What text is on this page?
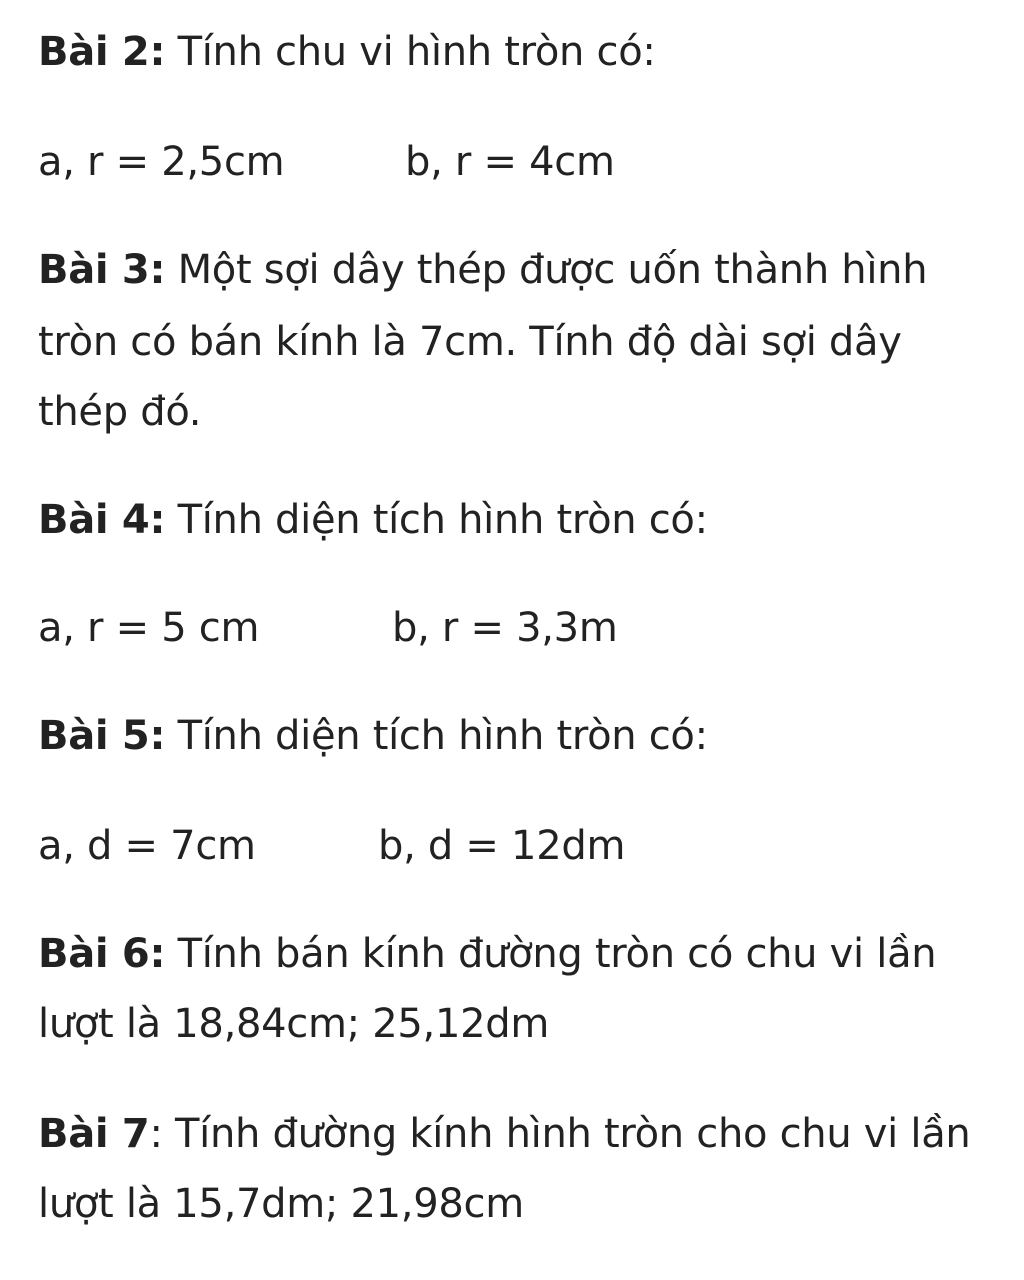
Bài 2: Tính chu vi hình tròn có:
a, r = 2,5cm	b, r = 4cm
Bài 3: Một sợi dây thép được uốn thành hình
tròn có bán kính là 7cm. Tính độ dài sợi dây
thép đó.
Bài 4: Tính diện tích hình tròn có:
a, r = 5 cm	b, r = 3,3m
Bài 5: Tính diện tích hình tròn có:
a, d = 7cm	b, d = 12dm
Bài 6: Tính bán kính đường tròn có chu vi lần
lượt là 18,84cm; 25,12dm
Bài 7: Tính đường kính hình tròn cho chu vi lần
lượt là 15,7dm; 21,98cm
